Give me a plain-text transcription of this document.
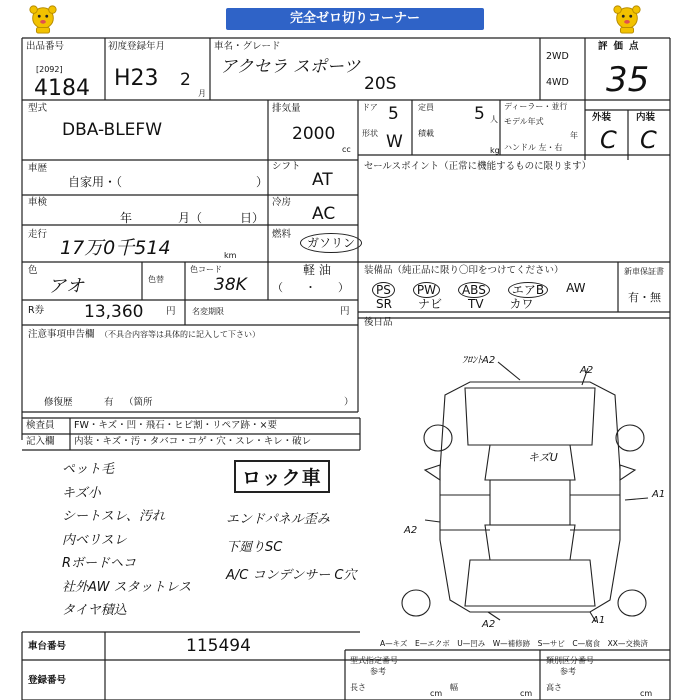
完全ゼロ切りコーナー
出品番号
[2092]
4184
初度登録年月
H23 2
月
車名・グレード
アクセラ スポーツ
20S
2WD
4WD
評価点
35
外装	内装
C C
型式
DBA-BLEFW
排気量
2000
cc
ドア 5
形状 W
定員 5 人
積載
kg
ディーラー・並行
モデル年式
年
ハンドル 左・右
車歴
自家用・（	）
シフト
AT
セールスポイント（正常に機能するものに限ります）
車検
年	月（	日）
冷房
AC
走行
17万0千514	km
燃料
ガソリン
軽 油
（　　・　　）
色
アオ	色替
色コード
38K
装備品（純正品に限り〇印をつけてください）
PS	PW	ABS	エアB	AW
SR ナビ TV カワ
新車保証書
有・無
R券 13,360 円 名変期限	円
後日品
注意事項申告欄 （不具合内容等は具体的に記入して下さい）
修復歴	有 （箇所	）
検査員 FW・キズ・凹・飛石・ヒビ割・リペア跡・×要
記入欄 内装・キズ・汚・タバコ・コゲ・穴・スレ・キレ・破レ
ペット毛
キズ小
シートスレ、汚れ
内ベリスレ
Rボードヘコ
社外AW スタットレス
タイヤ積込
ロック車
エンドパネル歪み
下廻りSC
A/C コンデンサー C穴
ﾌﾛﾝﾄA2
A2
キズU
A1
A2
A2	A1
車台番号	115494
登録番号
A—キズ　E—エクボ　U—凹み　W—補修跡　S—サビ　C—腐食　XX—交換済
型式指定番号
参考
類別区分番号
参考
長さ
cm
幅
cm
高さ
cm
